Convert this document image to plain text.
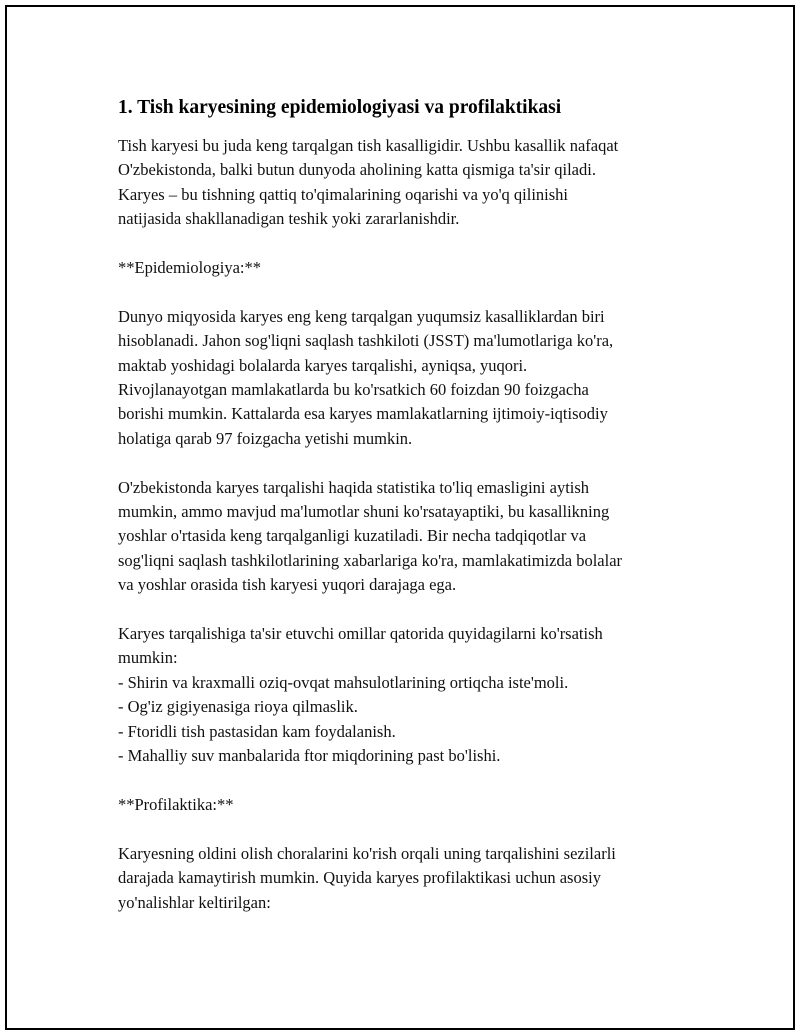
1. Tish karyesining epidemiologiyasi va profilaktikasi
Tish karyesi bu juda keng tarqalgan tish kasalligidir. Ushbu kasallik nafaqat
O'zbekistonda, balki butun dunyoda aholining katta qismiga ta'sir qiladi.
Karyes – bu tishning qattiq to'qimalarining oqarishi va yo'q qilinishi
natijasida shakllanadigan teshik yoki zararlanishdir.
**Epidemiologiya:**
Dunyo miqyosida karyes eng keng tarqalgan yuqumsiz kasalliklardan biri
hisoblanadi. Jahon sog'liqni saqlash tashkiloti (JSST) ma'lumotlariga ko'ra,
maktab yoshidagi bolalarda karyes tarqalishi, ayniqsa, yuqori.
Rivojlanayotgan mamlakatlarda bu ko'rsatkich 60 foizdan 90 foizgacha
borishi mumkin. Kattalarda esa karyes mamlakatlarning ijtimoiy-iqtisodiy
holatiga qarab 97 foizgacha yetishi mumkin.
O'zbekistonda karyes tarqalishi haqida statistika to'liq emasligini aytish
mumkin, ammo mavjud ma'lumotlar shuni ko'rsatayaptiki, bu kasallikning
yoshlar o'rtasida keng tarqalganligi kuzatiladi. Bir necha tadqiqotlar va
sog'liqni saqlash tashkilotlarining xabarlariga ko'ra, mamlakatimizda bolalar
va yoshlar orasida tish karyesi yuqori darajaga ega.
Karyes tarqalishiga ta'sir etuvchi omillar qatorida quyidagilarni ko'rsatish
mumkin:
- Shirin va kraxmalli oziq-ovqat mahsulotlarining ortiqcha iste'moli.
- Og'iz gigiyenasiga rioya qilmaslik.
- Ftoridli tish pastasidan kam foydalanish.
- Mahalliy suv manbalarida ftor miqdorining past bo'lishi.
**Profilaktika:**
Karyesning oldini olish choralarini ko'rish orqali uning tarqalishini sezilarli
darajada kamaytirish mumkin. Quyida karyes profilaktikasi uchun asosiy
yo'nalishlar keltirilgan:
